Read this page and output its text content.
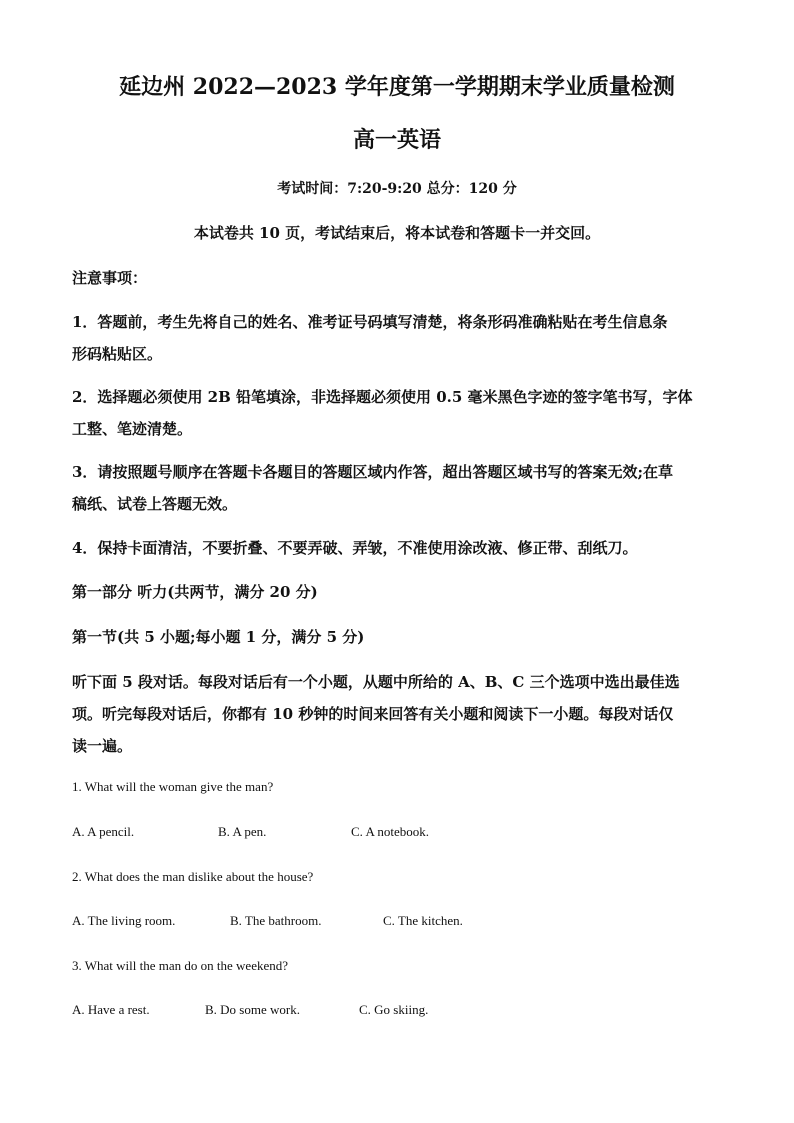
延边州 2022—2023 学年度第一学期期末学业质量检测
高一英语
考试时间：7:20-9:20 总分：120 分
本试卷共 10 页，考试结束后，将本试卷和答题卡一并交回。
注意事项：
1．答题前，考生先将自己的姓名、准考证号码填写清楚，将条形码准确粘贴在考生信息条
形码粘贴区。
2．选择题必须使用 2B 铅笔填涂，非选择题必须使用 0.5 毫米黑色字迹的签字笔书写，字体
工整、笔迹清楚。
3．请按照题号顺序在答题卡各题目的答题区域内作答，超出答题区域书写的答案无效;在草
稿纸、试卷上答题无效。
4．保持卡面清洁，不要折叠、不要弄破、弄皱，不准使用涂改液、修正带、刮纸刀。
第一部分 听力(共两节，满分 20 分)
第一节(共 5 小题;每小题 1 分，满分 5 分)
听下面 5 段对话。每段对话后有一个小题，从题中所给的 A、B、C 三个选项中选出最佳选
项。听完每段对话后，你都有 10 秒钟的时间来回答有关小题和阅读下一小题。每段对话仅
读一遍。
1. What will the woman give the man?
A. A pencil.	B. A pen.	C. A notebook.
2. What does the man dislike about the house?
A. The living room.	B. The bathroom.	C. The kitchen.
3. What will the man do on the weekend?
A. Have a rest.	B. Do some work.	C. Go skiing.
